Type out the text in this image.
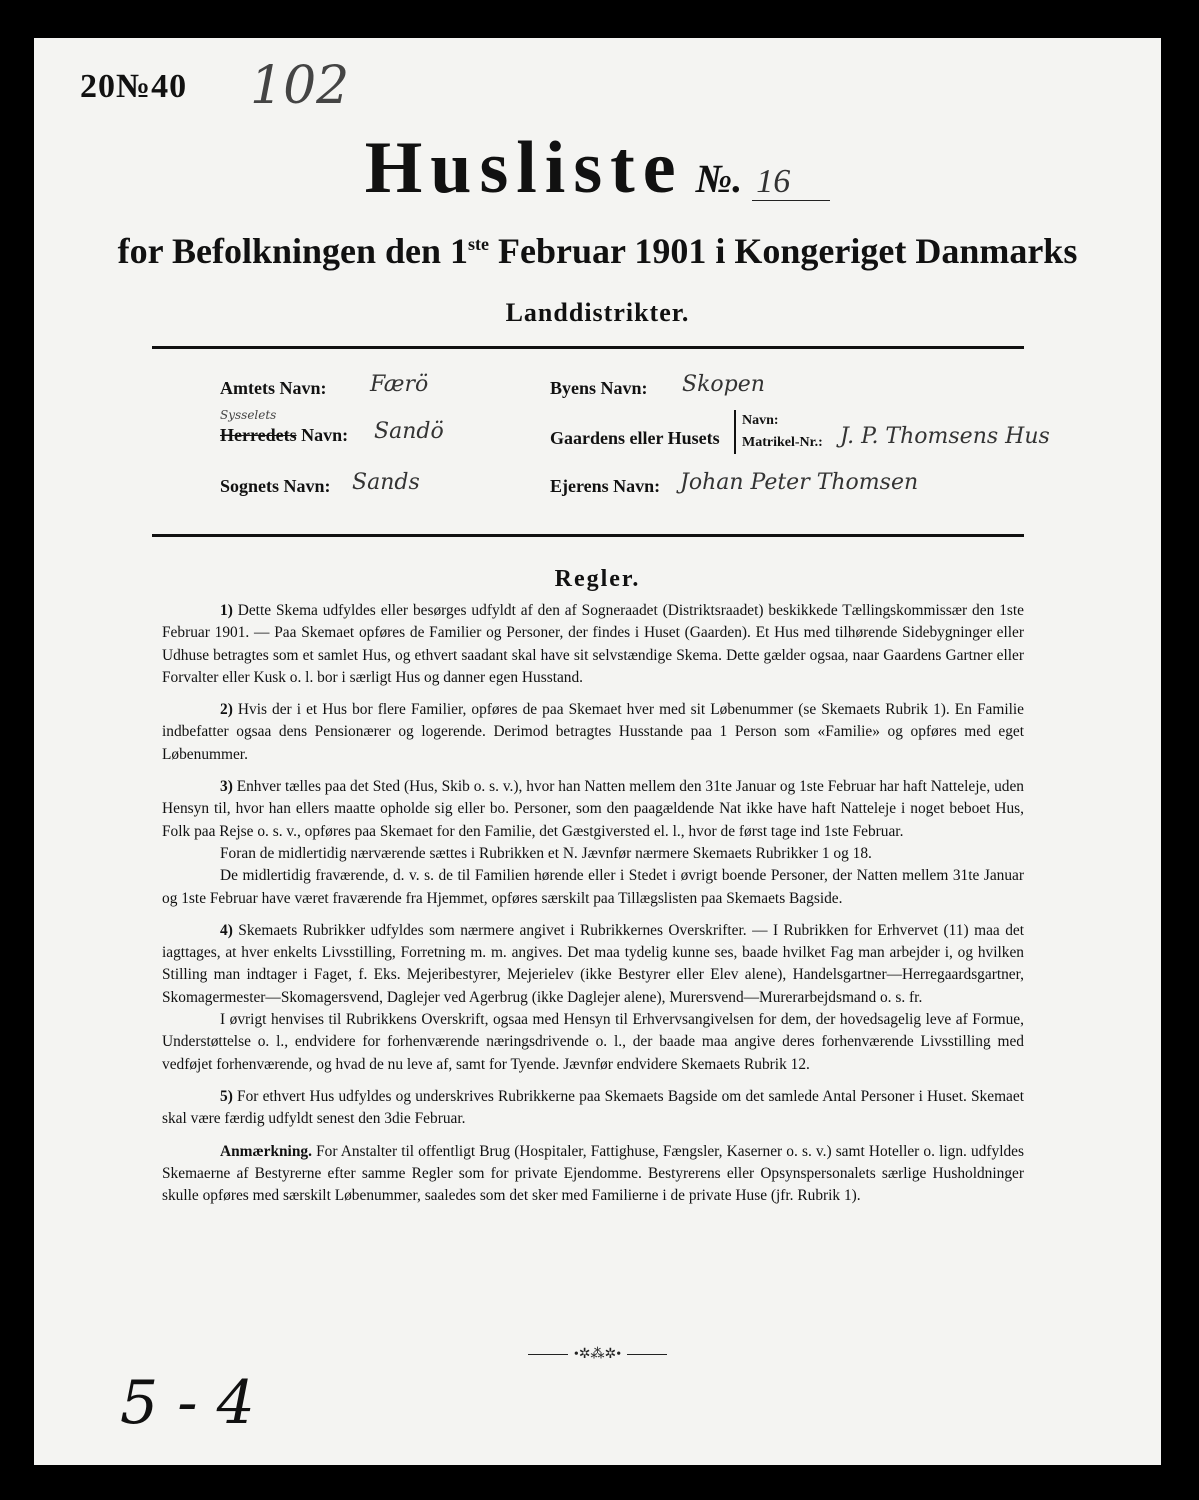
20№40 102
Husliste №. 16
for Befolkningen den 1ste Februar 1901 i Kongeriget Danmarks
Landdistrikter.
Amtets Navn: Færö
Sysselets
Herredets Navn: Sandö
Sognets Navn: Sands
Byens Navn: Skopen
Gaardens eller Husets
Navn:
Matrikel-Nr.: J. P. Thomsens Hus
Ejerens Navn: Johan Peter Thomsen
Regler.

1) Dette Skema udfyldes eller besørges udfyldt af den af Sogneraadet (Distriktsraadet) beskikkede Tællingskommissær den 1ste Februar 1901. — Paa Skemaet opføres de Familier og Personer, der findes i Huset (Gaarden). Et Hus med tilhørende Sidebygninger eller Udhuse betragtes som et samlet Hus, og ethvert saadant skal have sit selvstændige Skema. Dette gælder ogsaa, naar Gaardens Gartner eller Forvalter eller Kusk o. l. bor i særligt Hus og danner egen Husstand.

2) Hvis der i et Hus bor flere Familier, opføres de paa Skemaet hver med sit Løbenummer (se Skemaets Rubrik 1). En Familie indbefatter ogsaa dens Pensionærer og logerende. Derimod betragtes Husstande paa 1 Person som «Familie» og opføres med eget Løbenummer.

3) Enhver tælles paa det Sted (Hus, Skib o. s. v.), hvor han Natten mellem den 31te Januar og 1ste Februar har haft Natteleje, uden Hensyn til, hvor han ellers maatte opholde sig eller bo. Personer, som den paagældende Nat ikke have haft Natteleje i noget beboet Hus, Folk paa Rejse o. s. v., opføres paa Skemaet for den Familie, det Gæstgiversted el. l., hvor de først tage ind 1ste Februar.

Foran de midlertidig nærværende sættes i Rubrikken et N. Jævnfør nærmere Skemaets Rubrikker 1 og 18.

De midlertidig fraværende, d. v. s. de til Familien hørende eller i Stedet i øvrigt boende Personer, der Natten mellem 31te Januar og 1ste Februar have været fraværende fra Hjemmet, opføres særskilt paa Tillægslisten paa Skemaets Bagside.

4) Skemaets Rubrikker udfyldes som nærmere angivet i Rubrikkernes Overskrifter. — I Rubrikken for Erhvervet (11) maa det iagttages, at hver enkelts Livsstilling, Forretning m. m. angives. Det maa tydelig kunne ses, baade hvilket Fag man arbejder i, og hvilken Stilling man indtager i Faget, f. Eks. Mejeribestyrer, Mejerielev (ikke Bestyrer eller Elev alene), Handelsgartner—Herregaardsgartner, Skomagermester—Skomagersvend, Daglejer ved Agerbrug (ikke Daglejer alene), Murersvend—Murerarbejdsmand o. s. fr.

I øvrigt henvises til Rubrikkens Overskrift, ogsaa med Hensyn til Erhvervsangivelsen for dem, der hovedsagelig leve af Formue, Understøttelse o. l., endvidere for forhenværende næringsdrivende o. l., der baade maa angive deres forhenværende Livsstilling med vedføjet forhenværende, og hvad de nu leve af, samt for Tyende. Jævnfør endvidere Skemaets Rubrik 12.

5) For ethvert Hus udfyldes og underskrives Rubrikkerne paa Skemaets Bagside om det samlede Antal Personer i Huset. Skemaet skal være færdig udfyldt senest den 3die Februar.

Anmærkning. For Anstalter til offentligt Brug (Hospitaler, Fattighuse, Fængsler, Kaserner o. s. v.) samt Hoteller o. lign. udfyldes Skemaerne af Bestyrerne efter samme Regler som for private Ejendomme. Bestyrerens eller Opsynspersonalets særlige Husholdninger skulle opføres med særskilt Løbenummer, saaledes som det sker med Familierne i de private Huse (jfr. Rubrik 1).

•✲⁂✲•
5 - 4
